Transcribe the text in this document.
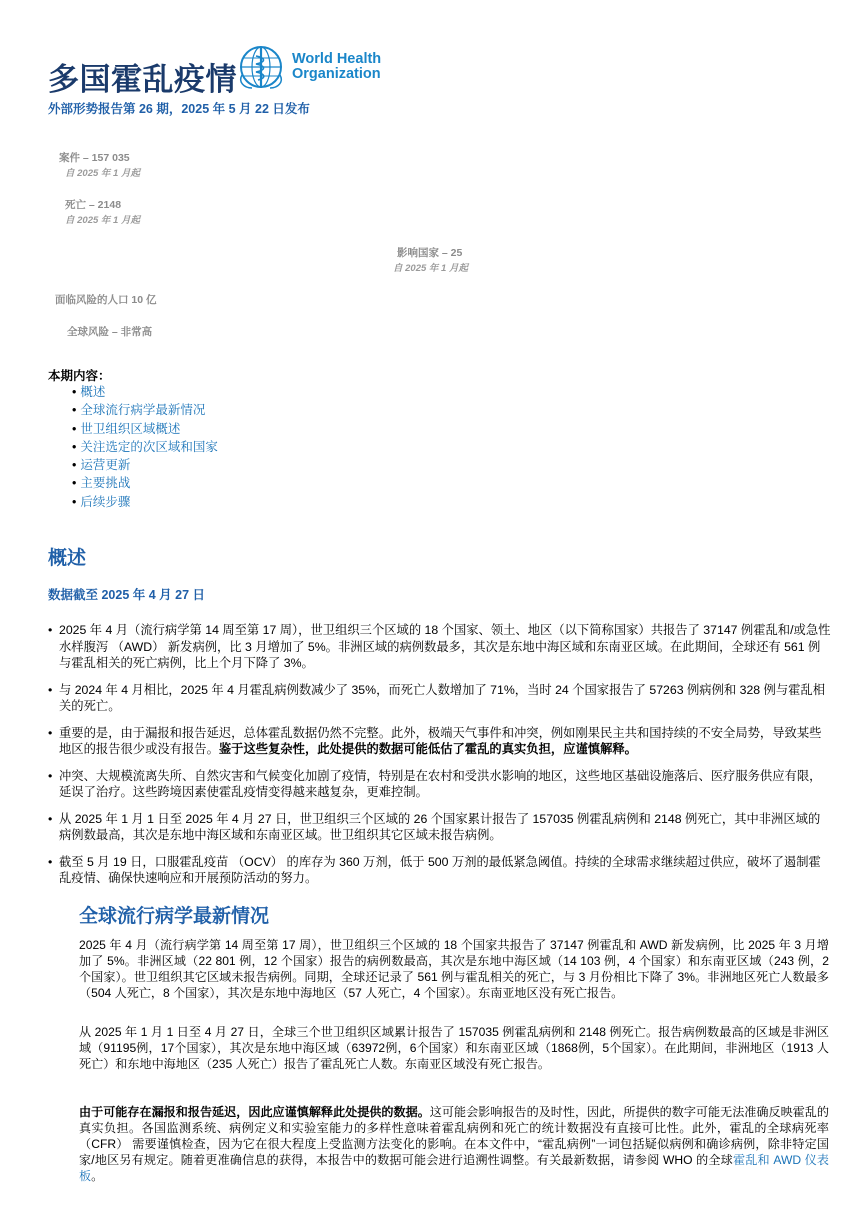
多国霍乱疫情
World Health
Organization
外部形势报告第 26 期，2025 年 5 月 22 日发布
案件 – 157 035
自 2025 年 1 月起
死亡 – 2148
自 2025 年 1 月起
影响国家 – 25
自 2025 年 1 月起
面临风险的人口 10 亿
全球风险 – 非常高
本期内容：
• 概述
• 全球流行病学最新情况
• 世卫组织区域概述
• 关注选定的次区域和国家
• 运营更新
• 主要挑战
• 后续步骤
概述
数据截至 2025 年 4 月 27 日
• 2025 年 4 月（流行病学第 14 周至第 17 周），世卫组织三个区域的 18 个国家、领土、地区（以下简称国家）共报告了 37147 例霍乱和/或急性水样腹泻 （AWD） 新发病例，比 3 月增加了 5%。非洲区域的病例数最多，其次是东地中海区域和东南亚区域。在此期间，全球还有 561 例与霍乱相关的死亡病例，比上个月下降了 3%。
• 与 2024 年 4 月相比，2025 年 4 月霍乱病例数减少了 35%，而死亡人数增加了 71%，当时 24 个国家报告了 57263 例病例和 328 例与霍乱相关的死亡。
• 重要的是，由于漏报和报告延迟，总体霍乱数据仍然不完整。此外，极端天气事件和冲突，例如刚果民主共和国持续的不安全局势，导致某些地区的报告很少或没有报告。鉴于这些复杂性，此处提供的数据可能低估了霍乱的真实负担，应谨慎解释。
• 冲突、大规模流离失所、自然灾害和气候变化加剧了疫情，特别是在农村和受洪水影响的地区，这些地区基础设施落后、医疗服务供应有限，延误了治疗。这些跨境因素使霍乱疫情变得越来越复杂，更难控制。
• 从 2025 年 1 月 1 日至 2025 年 4 月 27 日，世卫组织三个区域的 26 个国家累计报告了 157035 例霍乱病例和 2148 例死亡，其中非洲区域的病例数最高，其次是东地中海区域和东南亚区域。世卫组织其它区域未报告病例。
• 截至 5 月 19 日，口服霍乱疫苗 （OCV） 的库存为 360 万剂，低于 500 万剂的最低紧急阈值。持续的全球需求继续超过供应，破坏了遏制霍乱疫情、确保快速响应和开展预防活动的努力。
全球流行病学最新情况

2025 年 4 月（流行病学第 14 周至第 17 周），世卫组织三个区域的 18 个国家共报告了 37147 例霍乱和 AWD 新发病例，比 2025 年 3 月增加了 5%。非洲区域（22 801 例，12 个国家）报告的病例数最高，其次是东地中海区域（14 103 例，4 个国家）和东南亚区域（243 例，2 个国家）。世卫组织其它区域未报告病例。同期，全球还记录了 561 例与霍乱相关的死亡，与 3 月份相比下降了 3%。非洲地区死亡人数最多（504 人死亡，8 个国家），其次是东地中海地区（57 人死亡，4 个国家）。东南亚地区没有死亡报告。

从 2025 年 1 月 1 日至 4 月 27 日，全球三个世卫组织区域累计报告了 157035 例霍乱病例和 2148 例死亡。报告病例数最高的区域是非洲区域（91195例，17个国家），其次是东地中海区域（63972例，6个国家）和东南亚区域（1868例，5个国家）。在此期间，非洲地区（1913 人死亡）和东地中海地区（235 人死亡）报告了霍乱死亡人数。东南亚区域没有死亡报告。

由于可能存在漏报和报告延迟，因此应谨慎解释此处提供的数据。这可能会影响报告的及时性，因此，所提供的数字可能无法准确反映霍乱的真实负担。各国监测系统、病例定义和实验室能力的多样性意味着霍乱病例和死亡的统计数据没有直接可比性。此外，霍乱的全球病死率 （CFR） 需要谨慎检查，因为它在很大程度上受监测方法变化的影响。在本文件中，“霍乱病例”一词包括疑似病例和确诊病例，除非特定国家/地区另有规定。随着更准确信息的获得，本报告中的数据可能会进行追溯性调整。有关最新数据，请参阅 WHO 的全球霍乱和 AWD 仪表板。
